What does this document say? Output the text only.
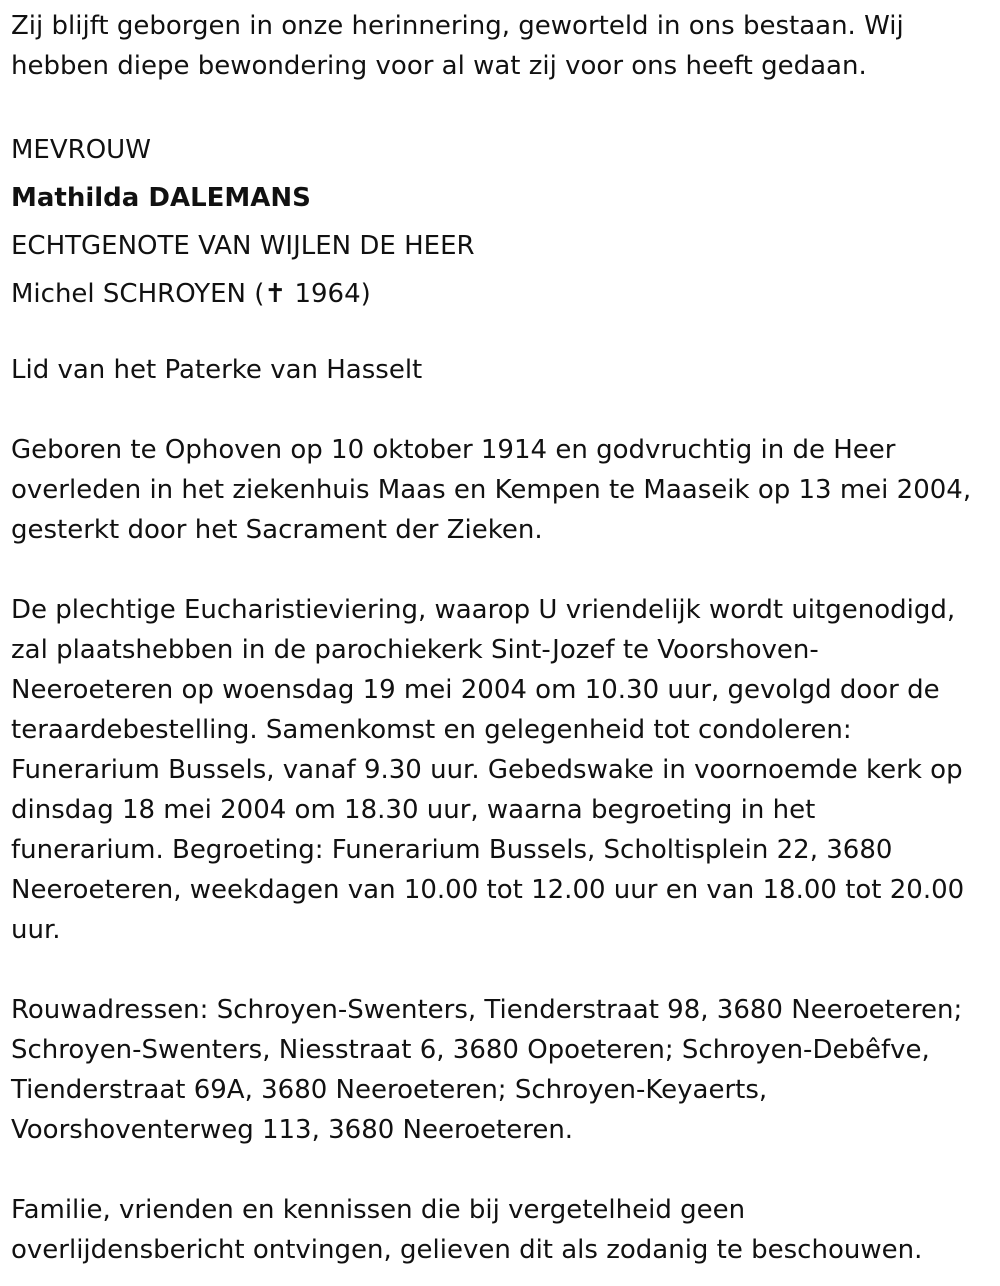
Zij blijft geborgen in onze herinnering, geworteld in ons bestaan. Wij
hebben diepe bewondering voor al wat zij voor ons heeft gedaan.

MEVROUW
Mathilda DALEMANS
ECHTGENOTE VAN WIJLEN DE HEER
Michel SCHROYEN (✝ 1964)

Lid van het Paterke van Hasselt

Geboren te Ophoven op 10 oktober 1914 en godvruchtig in de Heer
overleden in het ziekenhuis Maas en Kempen te Maaseik op 13 mei 2004,
gesterkt door het Sacrament der Zieken.

De plechtige Eucharistieviering, waarop U vriendelijk wordt uitgenodigd,
zal plaatshebben in de parochiekerk Sint-Jozef te Voorshoven-
Neeroeteren op woensdag 19 mei 2004 om 10.30 uur, gevolgd door de
teraardebestelling. Samenkomst en gelegenheid tot condoleren:
Funerarium Bussels, vanaf 9.30 uur. Gebedswake in voornoemde kerk op
dinsdag 18 mei 2004 om 18.30 uur, waarna begroeting in het
funerarium. Begroeting: Funerarium Bussels, Scholtisplein 22, 3680
Neeroeteren, weekdagen van 10.00 tot 12.00 uur en van 18.00 tot 20.00
uur.

Rouwadressen: Schroyen-Swenters, Tienderstraat 98, 3680 Neeroeteren;
Schroyen-Swenters, Niesstraat 6, 3680 Opoeteren; Schroyen-Debêfve,
Tienderstraat 69A, 3680 Neeroeteren; Schroyen-Keyaerts,
Voorshoventerweg 113, 3680 Neeroeteren.

Familie, vrienden en kennissen die bij vergetelheid geen
overlijdensbericht ontvingen, gelieven dit als zodanig te beschouwen.
